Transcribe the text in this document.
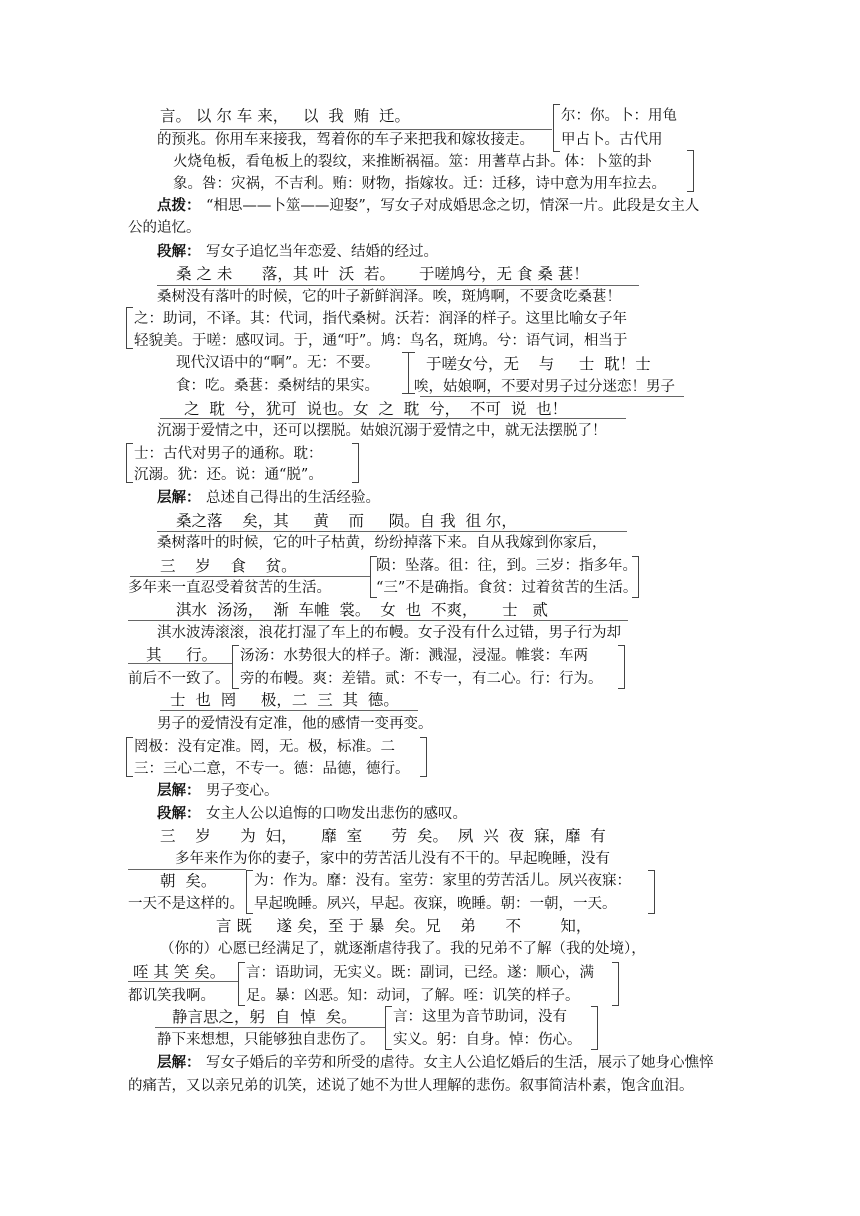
言。 以 尔 车 来，   以  我  贿  迁。	尔：你。卜：用龟
的预兆。你用车来接我，驾着你的车子来把我和嫁妆接走。 甲占卜。古代用
火烧龟板，看龟板上的裂纹，来推断祸福。筮：用蓍草占卦。体：卜筮的卦
象。咎：灾祸，不吉利。贿：财物，指嫁妆。迁：迁移，诗中意为用车拉去。
点拨： “相思——卜筮——迎娶”，写女子对成婚思念之切，情深一片。此段是女主人
公的追忆。
段解： 写女子追忆当年恋爱、结婚的经过。
桑 之 未      落，其 叶  沃  若。 于嗟鸠兮，无 食 桑 葚！
桑树没有落叶的时候，它的叶子新鲜润泽。唉，斑鸠啊，不要贪吃桑葚！
之：助词，不译。其：代词，指代桑树。沃若：润泽的样子。这里比喻女子年
轻貌美。于嗟：感叹词。于，通“吁”。鸠：鸟名，斑鸠。兮：语气词，相当于
现代汉语中的“啊”。无：不要。	于嗟女兮，无    与     士  耽！士
食：吃。桑葚：桑树结的果实。 唉，姑娘啊，不要对男子过分迷恋！男子
之  耽  兮，犹可  说也。女  之  耽  兮，  不可  说  也！
沉溺于爱情之中，还可以摆脱。姑娘沉溺于爱情之中，就无法摆脱了！
士：古代对男子的通称。耽：
沉溺。犹：还。说：通“脱”。
层解： 总述自己得出的生活经验。
桑之落    矣，其     黄    而     陨。自 我  徂 尔，
桑树落叶的时候，它的叶子枯黄，纷纷掉落下来。自从我嫁到你家后，
三    岁    食    贫。	陨：坠落。徂：往，到。三岁：指多年。
多年来一直忍受着贫苦的生活。	“三”不是确指。食贫：过着贫苦的生活。
淇水  汤汤，  渐  车帷  裳。  女  也  不爽，     士   贰
淇水波涛滚滚，浪花打湿了车上的布幔。女子没有什么过错，男子行为却
其     行。 汤汤：水势很大的样子。渐：溅湿，浸湿。帷裳：车两
前后不一致了。 旁的布幔。爽：差错。贰：不专一，有二心。行：行为。
士  也  罔     极，二  三  其  德。
男子的爱情没有定准，他的感情一变再变。
罔极：没有定准。罔，无。极，标准。二
三：三心二意，不专一。德：品德，德行。
层解： 男子变心。
段解： 女主人公以追悔的口吻发出悲伤的感叹。
三    岁      为  妇，     靡  室      劳  矣。  夙  兴  夜  寐，靡  有
多年来作为你的妻子，家中的劳苦活儿没有不干的。早起晚睡，没有
朝  矣。	为：作为。靡：没有。室劳：家里的劳苦活儿。夙兴夜寐：
一天不是这样的。 早起晚睡。夙兴，早起。夜寐，晚睡。朝：一朝，一天。
言 既     遂 矣，至 于 暴  矣。兄    弟      不        知，
（你的）心愿已经满足了，就逐渐虐待我了。我的兄弟不了解（我的处境），
咥 其 笑 矣。 言：语助词，无实义。既：副词，已经。遂：顺心，满
都讥笑我啊。 足。暴：凶恶。知：动词，了解。咥：讥笑的样子。
静言思之，躬  自  悼  矣。	言：这里为音节助词，没有
静下来想想，只能够独自悲伤了。 实义。躬：自身。悼：伤心。
层解： 写女子婚后的辛劳和所受的虐待。女主人公追忆婚后的生活，展示了她身心憔悴
的痛苦，又以亲兄弟的讥笑，述说了她不为世人理解的悲伤。叙事简洁朴素，饱含血泪。
